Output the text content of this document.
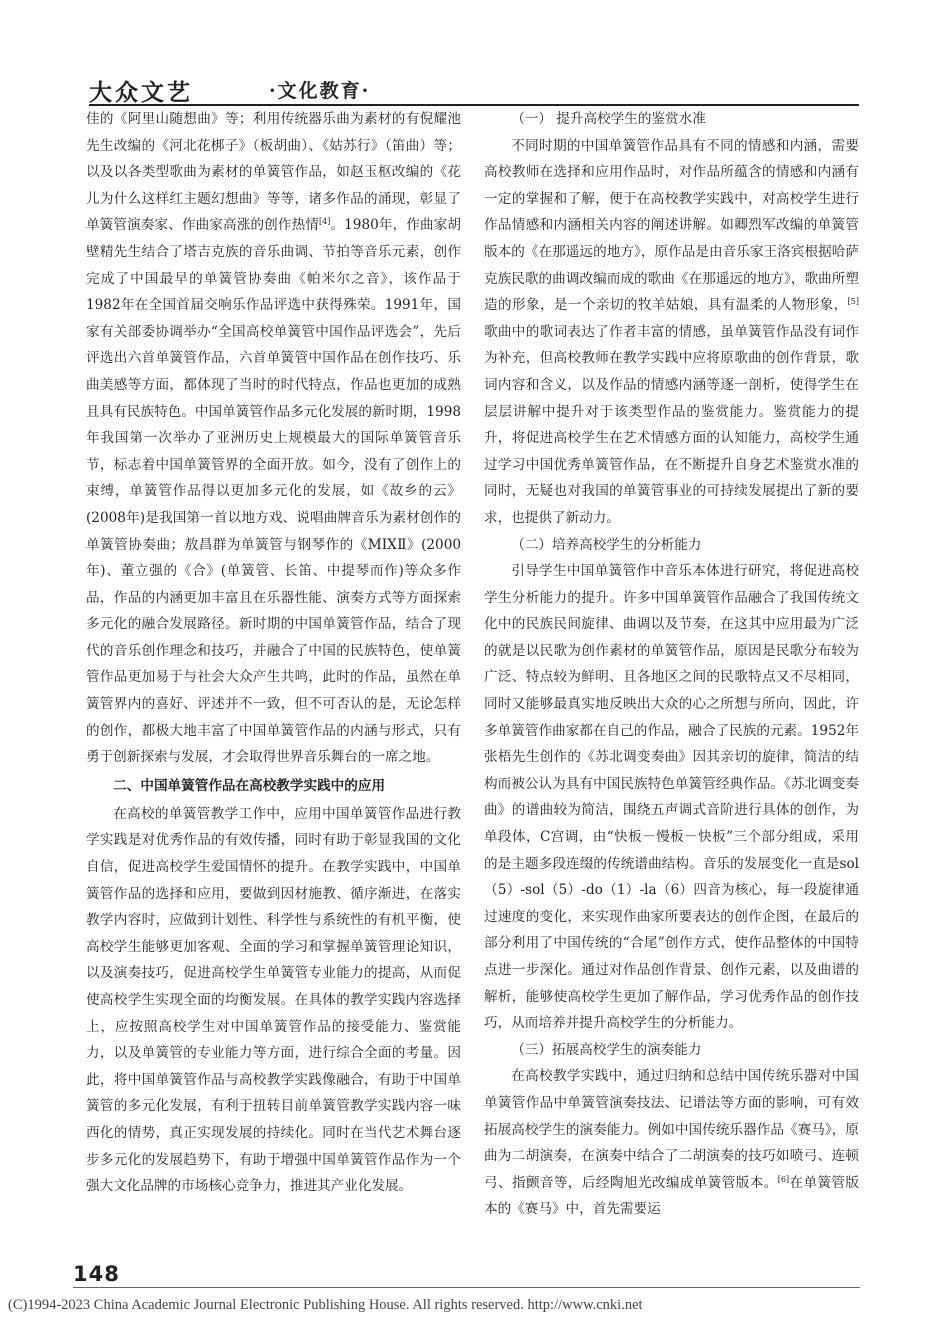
大众文艺	·文化教育·

佳的《阿里山随想曲》等；利用传统器乐曲为素材的有倪耀池先生改编的《河北花梆子》（板胡曲）、《姑苏行》（笛曲）等；以及以各类型歌曲为素材的单簧管作品，如赵玉枢改编的《花儿为什么这样红主题幻想曲》等等，诸多作品的涌现，彰显了单簧管演奏家、作曲家高涨的创作热情[4]。1980年，作曲家胡壁精先生结合了塔吉克族的音乐曲调、节拍等音乐元素，创作完成了中国最早的单簧管协奏曲《帕米尔之音》，该作品于1982年在全国首届交响乐作品评选中获得殊荣。1991年，国家有关部委协调举办“全国高校单簧管中国作品评选会”，先后评选出六首单簧管作品，六首单簧管中国作品在创作技巧、乐曲美感等方面，都体现了当时的时代特点，作品也更加的成熟且具有民族特色。中国单簧管作品多元化发展的新时期，1998年我国第一次举办了亚洲历史上规模最大的国际单簧管音乐节，标志着中国单簧管界的全面开放。如今，没有了创作上的束缚，单簧管作品得以更加多元化的发展，如《故乡的云》(2008年)是我国第一首以地方戏、说唱曲牌音乐为素材创作的单簧管协奏曲；敖昌群为单簧管与钢琴作的《MIXⅡ》(2000年)、董立强的《合》(单簧管、长笛、中提琴而作)等众多作品，作品的内涵更加丰富且在乐器性能、演奏方式等方面探索多元化的融合发展路径。新时期的中国单簧管作品，结合了现代的音乐创作理念和技巧，并融合了中国的民族特色，使单簧管作品更加易于与社会大众产生共鸣，此时的作品，虽然在单簧管界内的喜好、评述并不一致，但不可否认的是，无论怎样的创作，都极大地丰富了中国单簧管作品的内涵与形式，只有勇于创新探索与发展，才会取得世界音乐舞台的一席之地。

二、中国单簧管作品在高校教学实践中的应用

在高校的单簧管教学工作中，应用中国单簧管作品进行教学实践是对优秀作品的有效传播，同时有助于彰显我国的文化自信，促进高校学生爱国情怀的提升。在教学实践中，中国单簧管作品的选择和应用，要做到因材施教、循序渐进，在落实教学内容时，应做到计划性、科学性与系统性的有机平衡，使高校学生能够更加客观、全面的学习和掌握单簧管理论知识，以及演奏技巧，促进高校学生单簧管专业能力的提高，从而促使高校学生实现全面的均衡发展。在具体的教学实践内容选择上，应按照高校学生对中国单簧管作品的接受能力、鉴赏能力，以及单簧管的专业能力等方面，进行综合全面的考量。因此，将中国单簧管作品与高校教学实践像融合，有助于中国单簧管的多元化发展，有利于扭转目前单簧管教学实践内容一味西化的情势，真正实现发展的持续化。同时在当代艺术舞台逐步多元化的发展趋势下，有助于增强中国单簧管作品作为一个强大文化品牌的市场核心竞争力，推进其产业化发展。

（一） 提升高校学生的鉴赏水准

不同时期的中国单簧管作品具有不同的情感和内涵，需要高校教师在选择和应用作品时，对作品所蕴含的情感和内涵有一定的掌握和了解，便于在高校教学实践中，对高校学生进行作品情感和内涵相关内容的阐述讲解。如卿烈军改编的单簧管版本的《在那遥远的地方》，原作品是由音乐家王洛宾根据哈萨克族民歌的曲调改编而成的歌曲《在那遥远的地方》，歌曲所塑造的形象，是一个亲切的牧羊姑娘，具有温柔的人物形象，[5]歌曲中的歌词表达了作者丰富的情感，虽单簧管作品没有词作为补充，但高校教师在教学实践中应将原歌曲的创作背景，歌词内容和含义，以及作品的情感内涵等逐一剖析，使得学生在层层讲解中提升对于该类型作品的鉴赏能力。鉴赏能力的提升，将促进高校学生在艺术情感方面的认知能力，高校学生通过学习中国优秀单簧管作品，在不断提升自身艺术鉴赏水准的同时，无疑也对我国的单簧管事业的可持续发展提出了新的要求，也提供了新动力。

（二）培养高校学生的分析能力

引导学生中国单簧管作中音乐本体进行研究，将促进高校学生分析能力的提升。许多中国单簧管作品融合了我国传统文化中的民族民间旋律、曲调以及节奏，在这其中应用最为广泛的就是以民歌为创作素材的单簧管作品，原因是民歌分布较为广泛、特点较为鲜明、且各地区之间的民歌特点又不尽相同，同时又能够最真实地反映出大众的心之所想与所向，因此，许多单簧管作曲家都在自己的作品，融合了民族的元素。1952年张梧先生创作的《苏北调变奏曲》因其亲切的旋律，简洁的结构而被公认为具有中国民族特色单簧管经典作品。《苏北调变奏曲》的谱曲较为简洁，围绕五声调式音阶进行具体的创作，为单段体，C宫调，由“快板－慢板－快板”三个部分组成，采用的是主题多段连缀的传统谱曲结构。音乐的发展变化一直是sol（5）-sol（5）-do（1）-la（6）四音为核心，每一段旋律通过速度的变化，来实现作曲家所要表达的创作企图，在最后的部分利用了中国传统的“合尾”创作方式，使作品整体的中国特点进一步深化。通过对作品创作背景、创作元素，以及曲谱的解析，能够使高校学生更加了解作品，学习优秀作品的创作技巧，从而培养并提升高校学生的分析能力。

（三）拓展高校学生的演奏能力

在高校教学实践中，通过归纳和总结中国传统乐器对中国单簧管作品中单簧管演奏技法、记谱法等方面的影响，可有效拓展高校学生的演奏能力。例如中国传统乐器作品《赛马》，原曲为二胡演奏，在演奏中结合了二胡演奏的技巧如喷弓、连顿弓、指颤音等，后经陶旭光改编成单簧管版本。[6]在单簧管版本的《赛马》中，首先需要运

148
(C)1994-2023 China Academic Journal Electronic Publishing House. All rights reserved. http://www.cnki.net
